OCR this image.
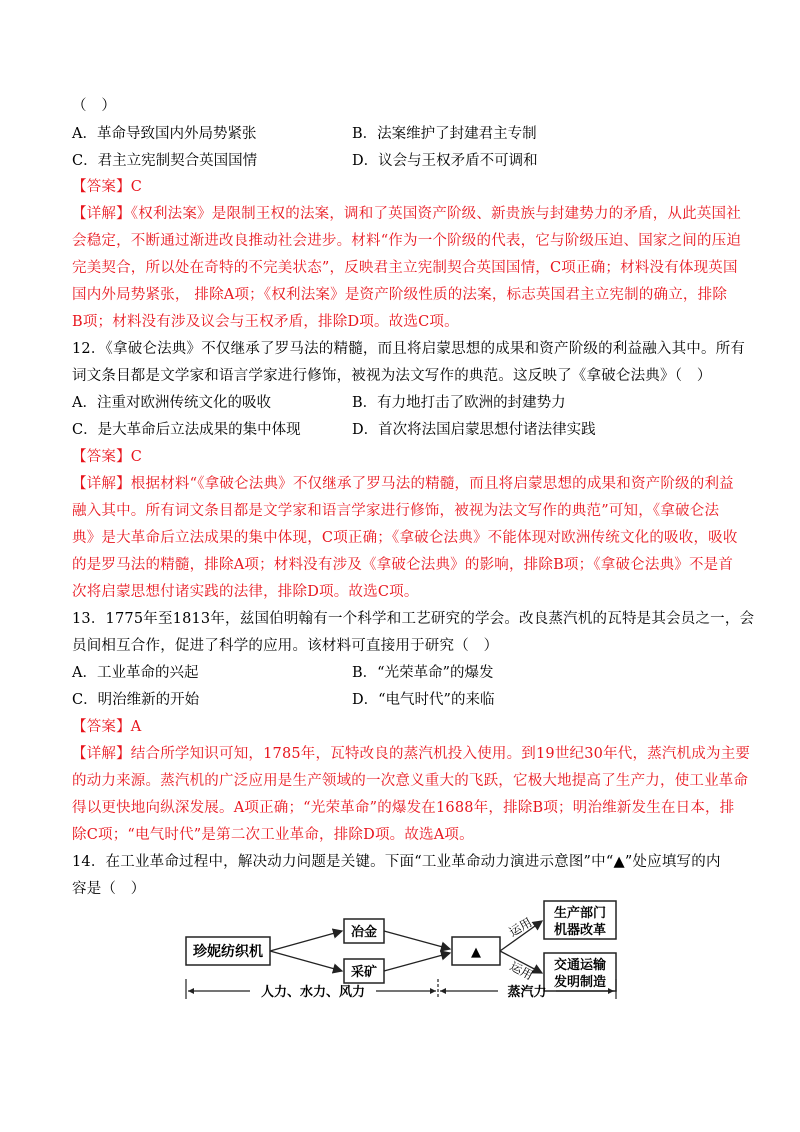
（　）
A．革命导致国内外局势紧张	B．法案维护了封建君主专制
C．君主立宪制契合英国国情	D．议会与王权矛盾不可调和
【答案】C
【详解】《权利法案》是限制王权的法案，调和了英国资产阶级、新贵族与封建势力的矛盾，从此英国社
会稳定，不断通过渐进改良推动社会进步。材料“作为一个阶级的代表，它与阶级压迫、国家之间的压迫
完美契合，所以处在奇特的不完美状态”，反映君主立宪制契合英国国情，C项正确；材料没有体现英国
国内外局势紧张， 排除A项；《权利法案》是资产阶级性质的法案，标志英国君主立宪制的确立，排除
B项；材料没有涉及议会与王权矛盾，排除D项。故选C项。
12．《拿破仑法典》不仅继承了罗马法的精髓，而且将启蒙思想的成果和资产阶级的利益融入其中。所有
词文条目都是文学家和语言学家进行修饰，被视为法文写作的典范。这反映了《拿破仑法典》（　）
A．注重对欧洲传统文化的吸收	B．有力地打击了欧洲的封建势力
C．是大革命后立法成果的集中体现	D．首次将法国启蒙思想付诸法律实践
【答案】C
【详解】根据材料“《拿破仑法典》不仅继承了罗马法的精髓，而且将启蒙思想的成果和资产阶级的利益
融入其中。所有词文条目都是文学家和语言学家进行修饰，被视为法文写作的典范”可知，《拿破仑法
典》是大革命后立法成果的集中体现，C项正确；《拿破仑法典》不能体现对欧洲传统文化的吸收，吸收
的是罗马法的精髓，排除A项；材料没有涉及《拿破仑法典》的影响，排除B项；《拿破仑法典》不是首
次将启蒙思想付诸实践的法律，排除D项。故选C项。
13．1775年至1813年，兹国伯明翰有一个科学和工艺研究的学会。改良蒸汽机的瓦特是其会员之一，会
员间相互合作，促进了科学的应用。该材料可直接用于研究（　）
A．工业革命的兴起	B．“光荣革命”的爆发
C．明治维新的开始	D．“电气时代”的来临
【答案】A
【详解】结合所学知识可知，1785年，瓦特改良的蒸汽机投入使用。到19世纪30年代，蒸汽机成为主要
的动力来源。蒸汽机的广泛应用是生产领域的一次意义重大的飞跃，它极大地提高了生产力，使工业革命
得以更快地向纵深发展。A项正确；“光荣革命”的爆发在1688年，排除B项；明治维新发生在日本，排
除C项；“电气时代”是第二次工业革命，排除D项。故选A项。
14．在工业革命过程中，解决动力问题是关键。下面“工业革命动力演进示意图”中“▲”处应填写的内
容是（　）
珍妮纺织机
冶金
采矿
▲
运用
运用
生产部门
机器改革
交通运输
发明制造
人力、水力、风力	蒸汽力
